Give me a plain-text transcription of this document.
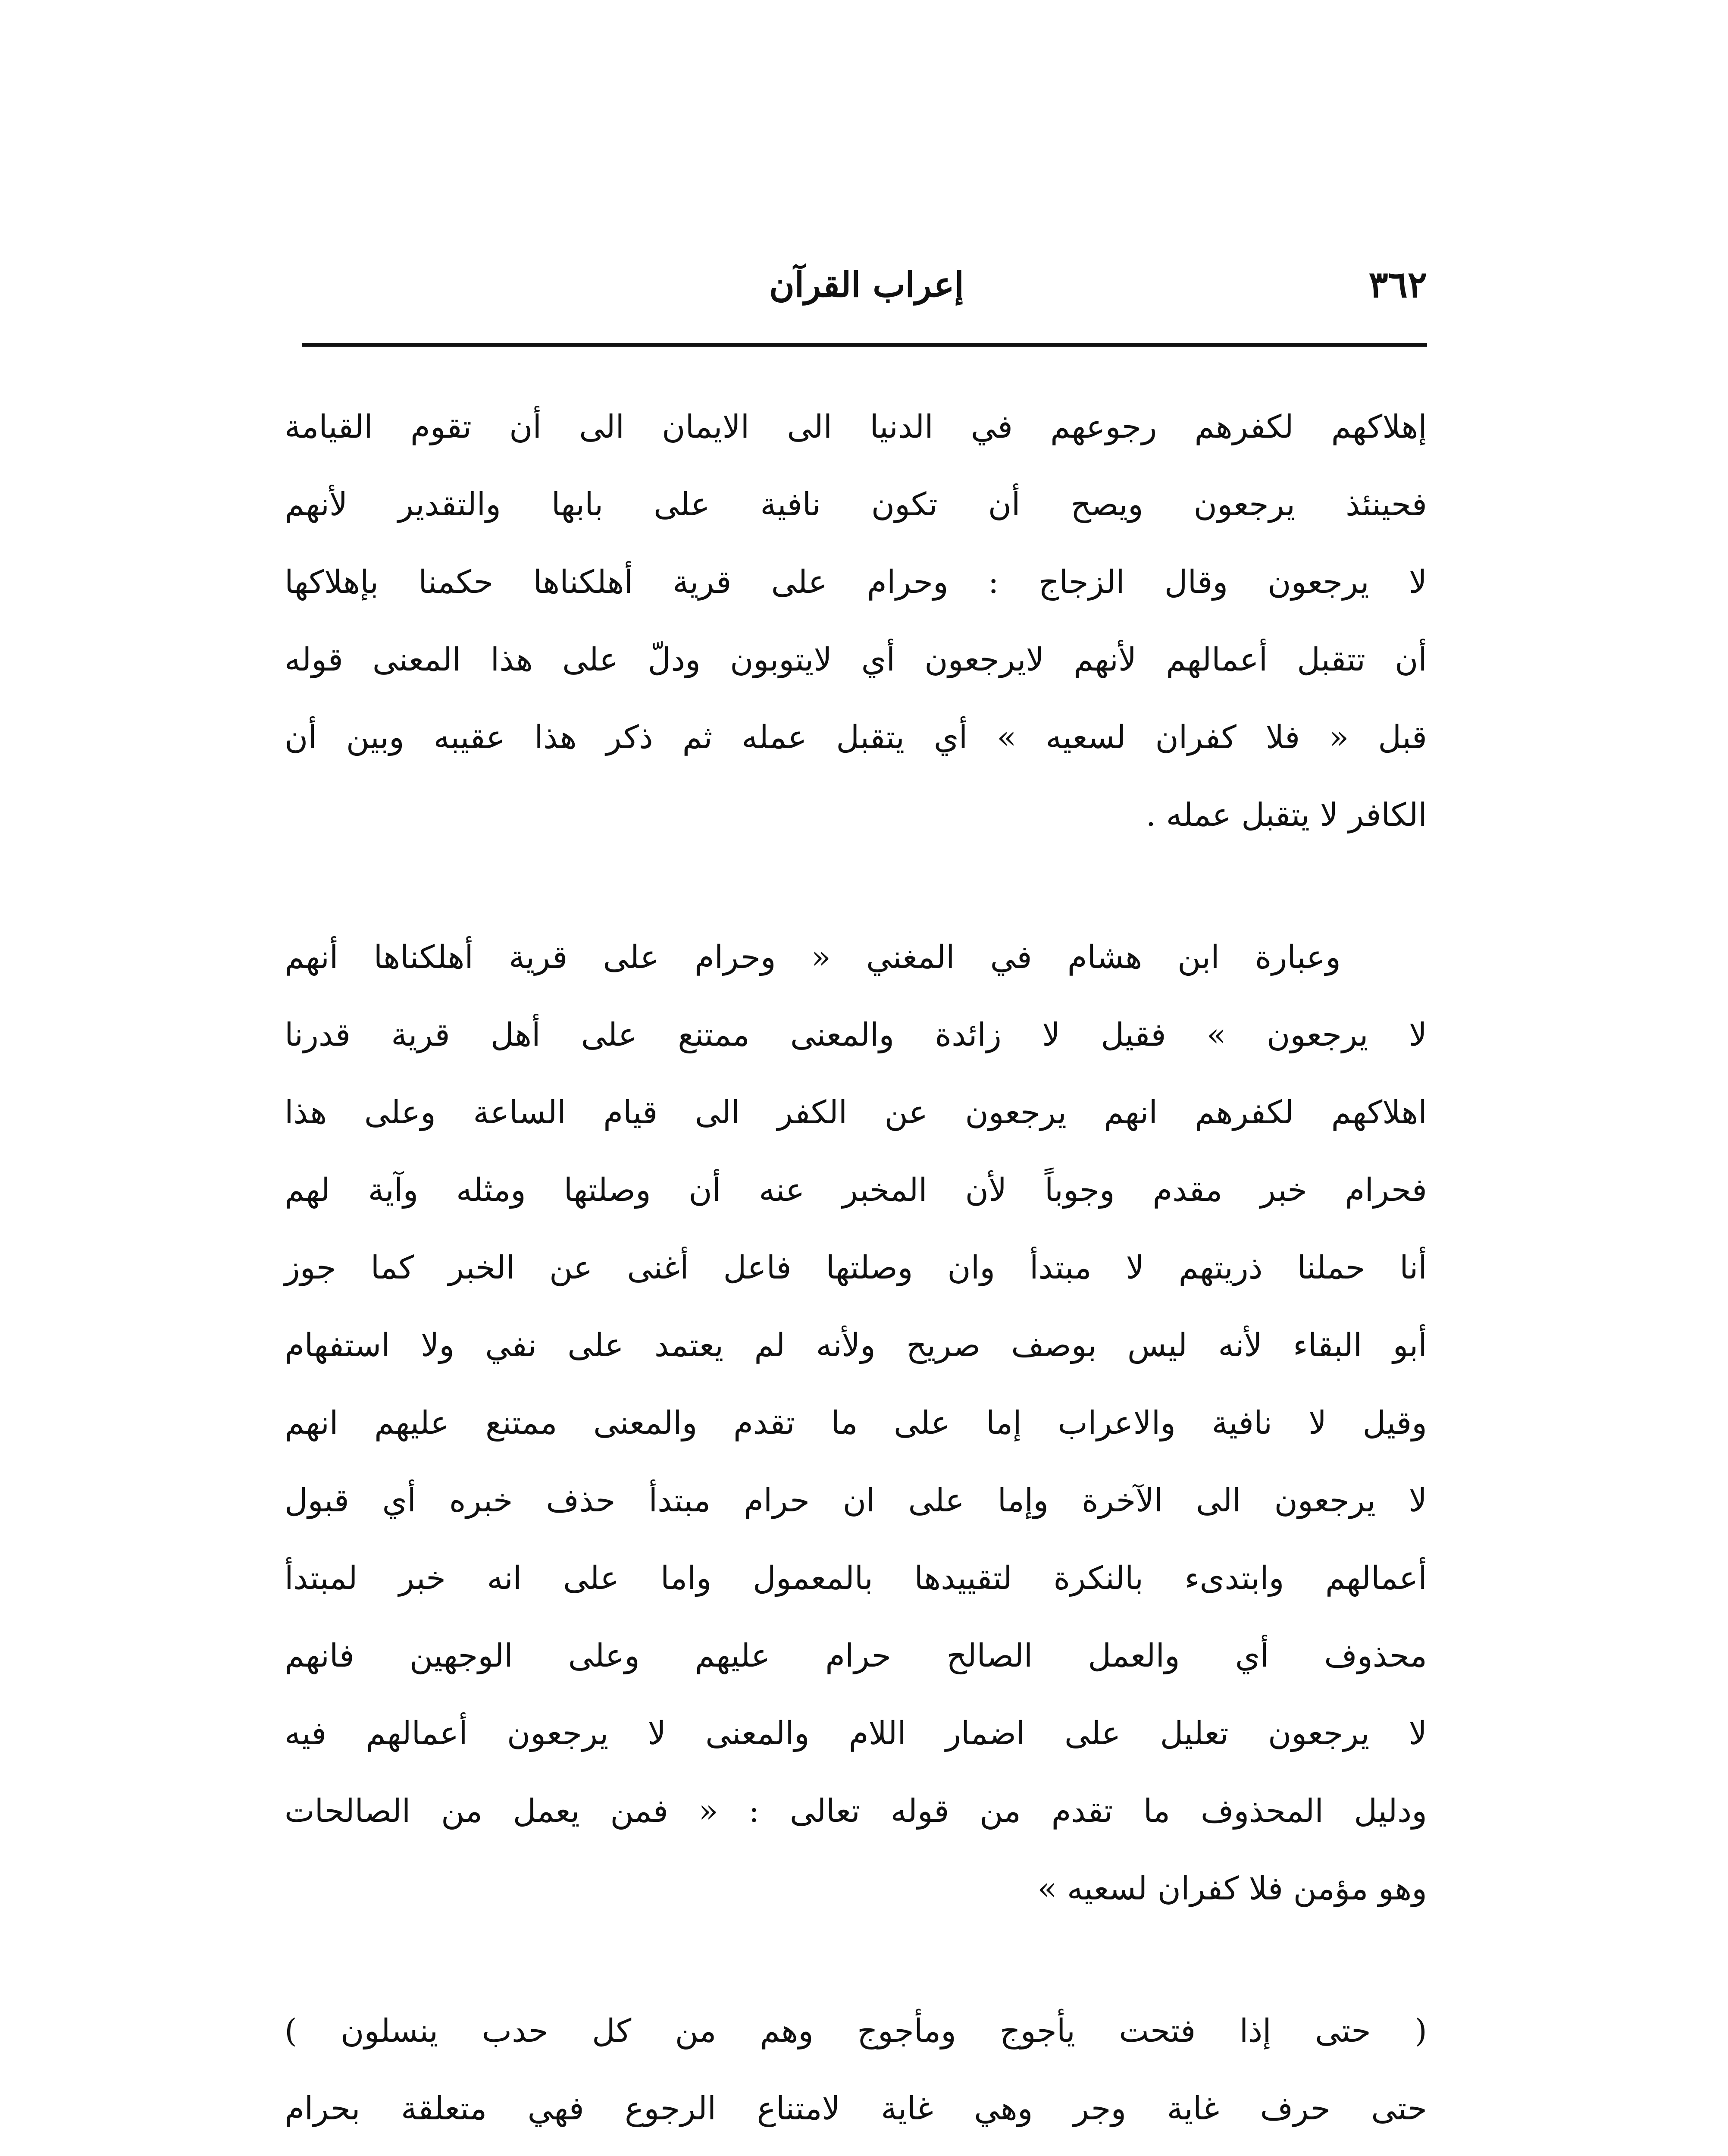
٣٦٢
إعراب القرآن
إهلاكهم لكفرهم رجوعهم في الدنيا الى الايمان الى أن تقوم القيامة
فحينئذ يرجعون ويصح أن تكون نافية على بابها والتقدير لأنهم
لا يرجعون وقال الزجاج : وحرام على قرية أهلكناها حكمنا بإهلاكها
أن تتقبل أعمالهم لأنهم لايرجعون أي لايتوبون ودلّ على هذا المعنى قوله
قبل « فلا كفران لسعيه » أي يتقبل عمله ثم ذكر هذا عقيبه وبين أن
الكافر لا يتقبل عمله .
وعبارة ابن هشام في المغني « وحرام على قرية أهلكناها أنهم
لا يرجعون » فقيل لا زائدة والمعنى ممتنع على أهل قرية قدرنا
اهلاكهم لكفرهم انهم يرجعون عن الكفر الى قيام الساعة وعلى هذا
فحرام خبر مقدم وجوباً لأن المخبر عنه أن وصلتها ومثله وآية لهم
أنا حملنا ذريتهم لا مبتدأ وان وصلتها فاعل أغنى عن الخبر كما جوز
أبو البقاء لأنه ليس بوصف صريح ولأنه لم يعتمد على نفي ولا استفهام
وقيل لا نافية والاعراب إما على ما تقدم والمعنى ممتنع عليهم انهم
لا يرجعون الى الآخرة وإما على ان حرام مبتدأ حذف خبره أي قبول
أعمالهم وابتدىء بالنكرة لتقييدها بالمعمول واما على انه خبر لمبتدأ
محذوف أي والعمل الصالح حرام عليهم وعلى الوجهين فانهم
لا يرجعون تعليل على اضمار اللام والمعنى لا يرجعون أعمالهم فيه
ودليل المحذوف ما تقدم من قوله تعالى : « فمن يعمل من الصالحات
وهو مؤمن فلا كفران لسعيه »
( حتى إذا فتحت يأجوج ومأجوج وهم من كل حدب ينسلون )
حتى حرف غاية وجر وهي غاية لامتناع الرجوع فهي متعلقة بحرام
